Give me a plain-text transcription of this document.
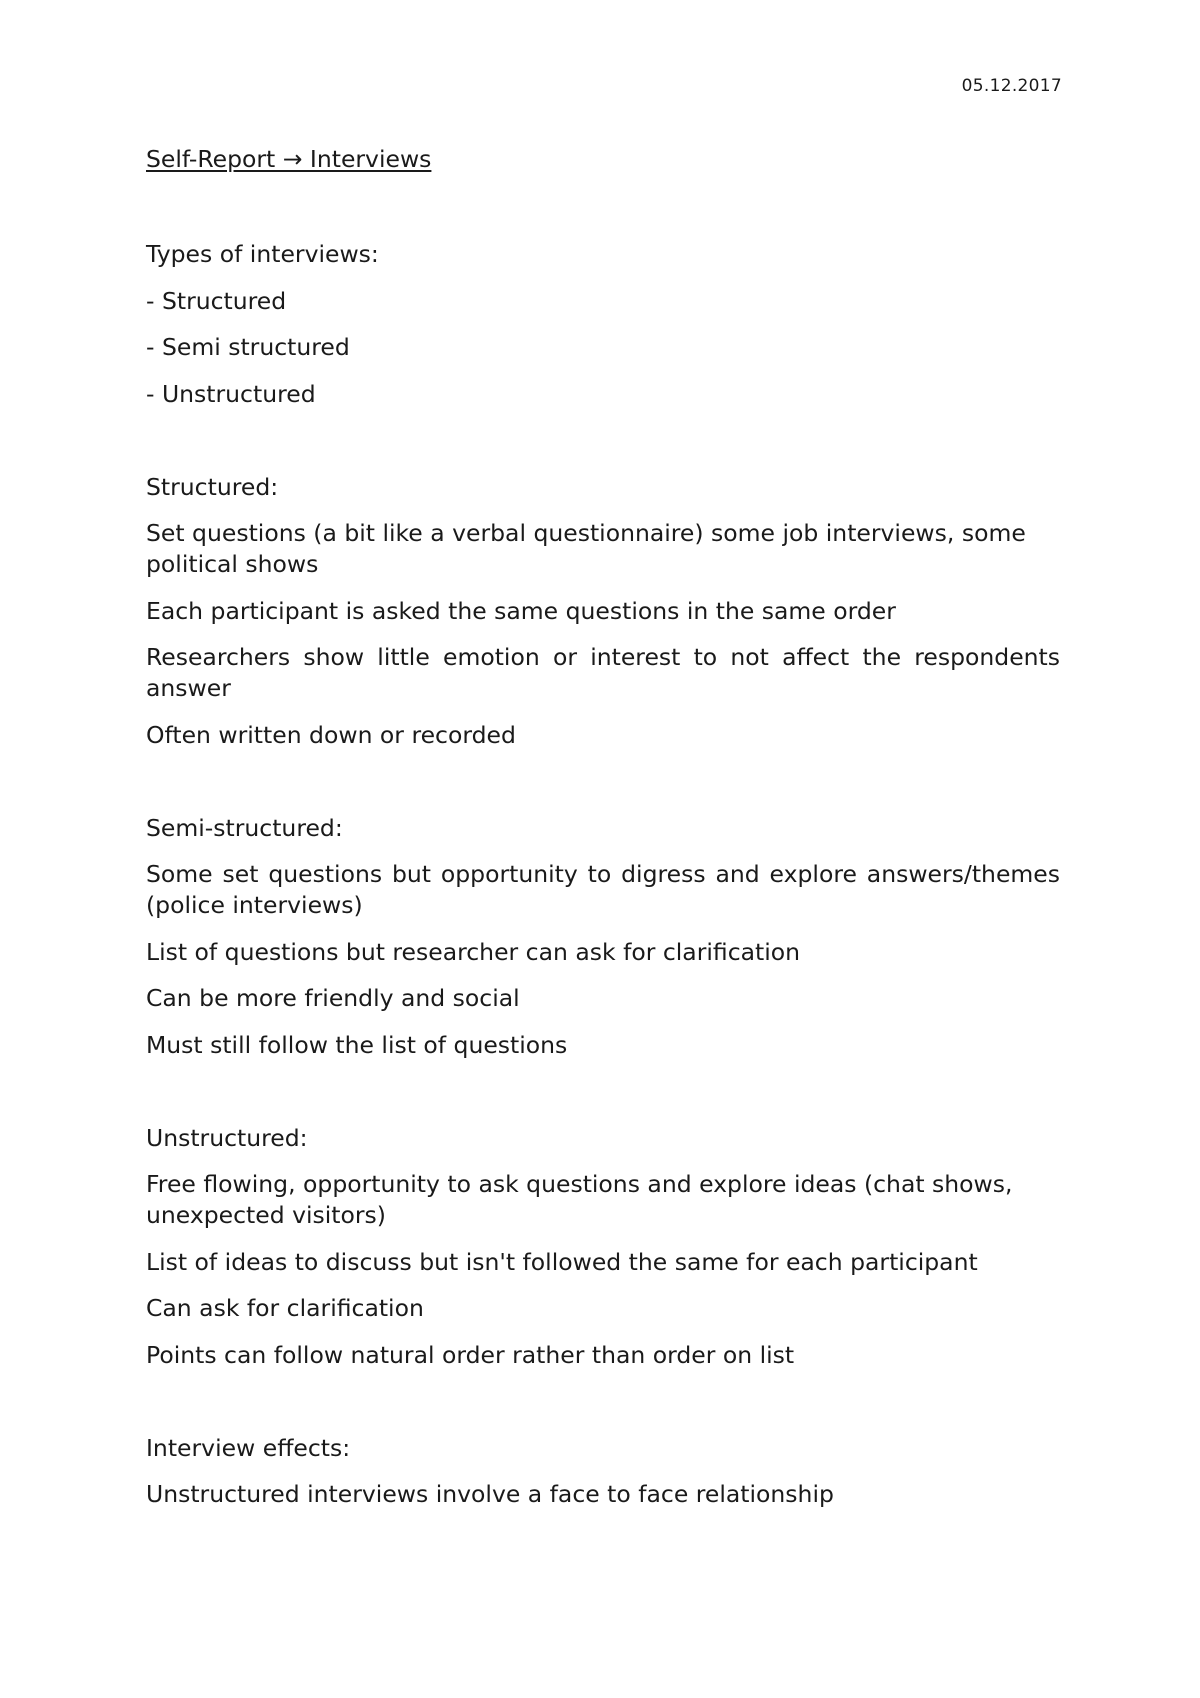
05.12.2017
Self-Report → Interviews
Types of interviews:
- Structured
- Semi structured
- Unstructured
Structured:
Set questions (a bit like a verbal questionnaire) some job interviews, some political shows
Each participant is asked the same questions in the same order
Researchers show little emotion or interest to not affect the respondents answer
Often written down or recorded
Semi-structured:
Some set questions but opportunity to digress and explore answers/themes (police interviews)
List of questions but researcher can ask for clarification
Can be more friendly and social
Must still follow the list of questions
Unstructured:
Free flowing, opportunity to ask questions and explore ideas (chat shows, unexpected visitors)
List of ideas to discuss but isn't followed the same for each participant
Can ask for clarification
Points can follow natural order rather than order on list
Interview effects:
Unstructured interviews involve a face to face relationship
